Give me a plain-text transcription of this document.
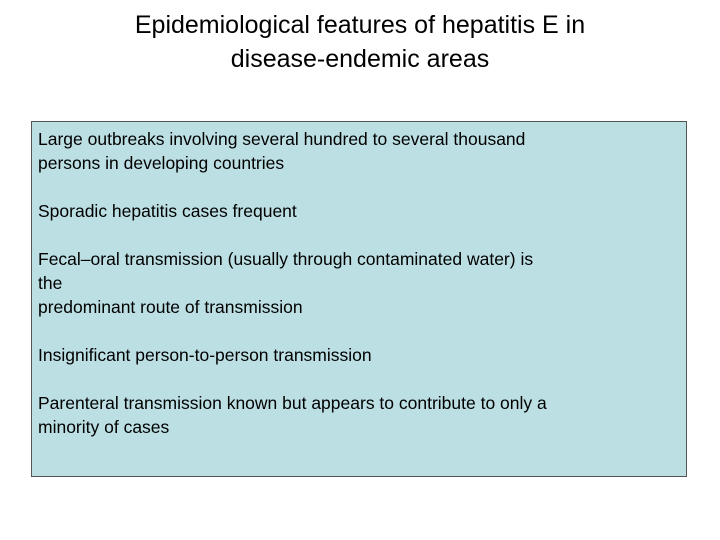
Epidemiological features of hepatitis E in
disease-endemic areas

Large outbreaks involving several hundred to several thousand
persons in developing countries

Sporadic hepatitis cases frequent

Fecal–oral transmission (usually through contaminated water) is
the
predominant route of transmission

Insignificant person-to-person transmission

Parenteral transmission known but appears to contribute to only a
minority of cases
